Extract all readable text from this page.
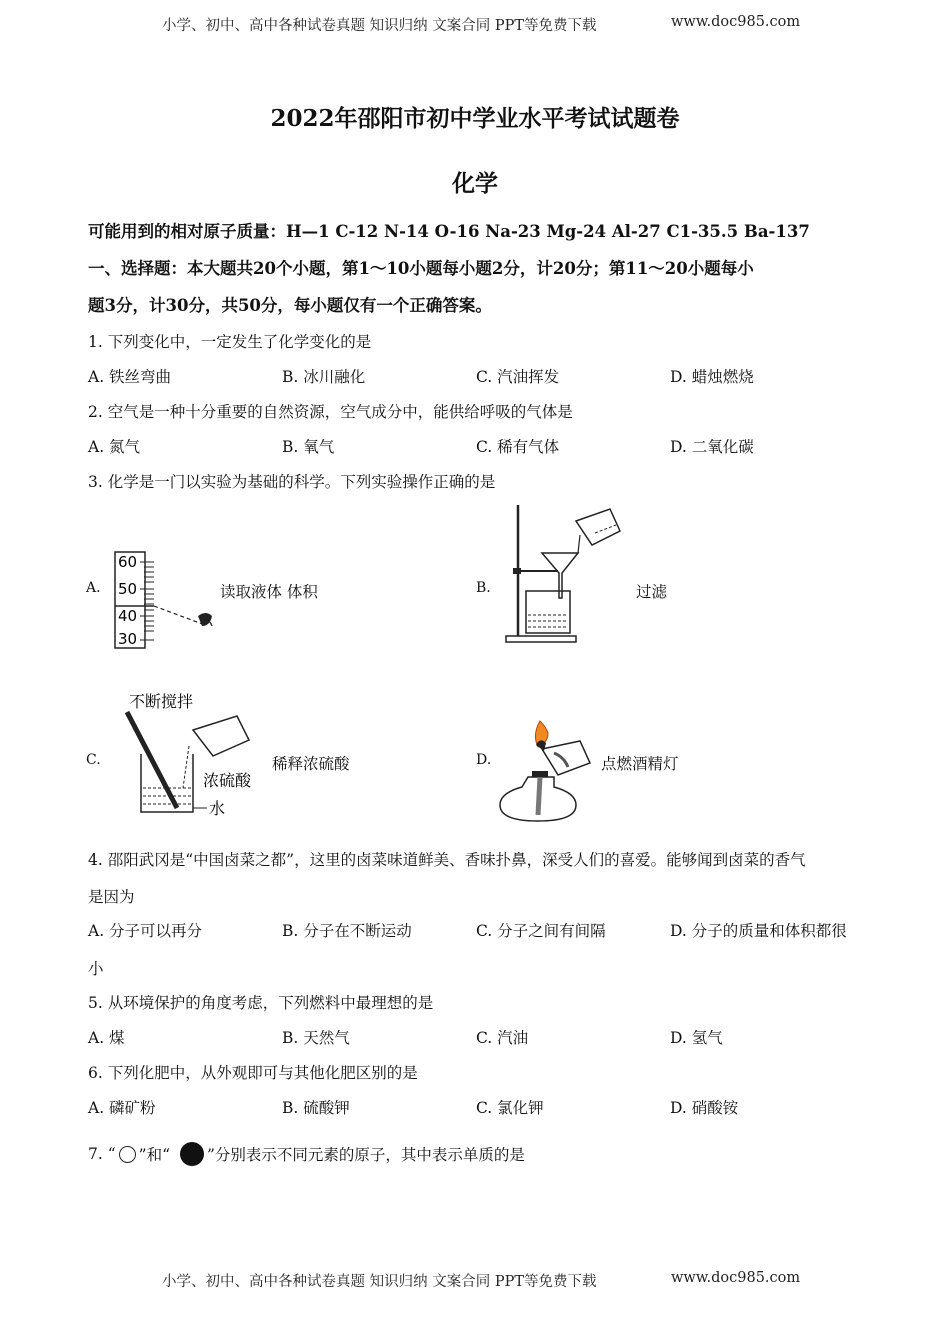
小学、初中、高中各种试卷真题 知识归纳 文案合同 PPT等免费下载	www.doc985.com
2022年邵阳市初中学业水平考试试题卷
化学
可能用到的相对原子质量：H—1 C-12 N-14 O-16 Na-23 Mg-24 Al-27 C1-35.5 Ba-137
一、选择题：本大题共20个小题，第1～10小题每小题2分，计20分；第11～20小题每小
题3分，计30分，共50分，每小题仅有一个正确答案。
1. 下列变化中，一定发生了化学变化的是
A. 铁丝弯曲	B. 冰川融化	C. 汽油挥发	D. 蜡烛燃烧
2. 空气是一种十分重要的自然资源，空气成分中，能供给呼吸的气体是
A. 氮气	B. 氧气	C. 稀有气体	D. 二氧化碳
3. 化学是一门以实验为基础的科学。下列实验操作正确的是
A.
60
50
40
30
读取液体 体积	B.	过滤
C.
不断搅拌
浓硫酸
水
稀释浓硫酸	D.	点燃酒精灯
4. 邵阳武冈是“中国卤菜之都”，这里的卤菜味道鲜美、香味扑鼻，深受人们的喜爱。能够闻到卤菜的香气
是因为
A. 分子可以再分	B. 分子在不断运动	C. 分子之间有间隔	D. 分子的质量和体积都很
小
5. 从环境保护的角度考虑，下列燃料中最理想的是
A. 煤	B. 天然气	C. 汽油	D. 氢气
6. 下列化肥中，从外观即可与其他化肥区别的是
A. 磷矿粉	B. 硫酸钾	C. 氯化钾	D. 硝酸铵
7. “ ”和“ ”分别表示不同元素的原子，其中表示单质的是
小学、初中、高中各种试卷真题 知识归纳 文案合同 PPT等免费下载	www.doc985.com
